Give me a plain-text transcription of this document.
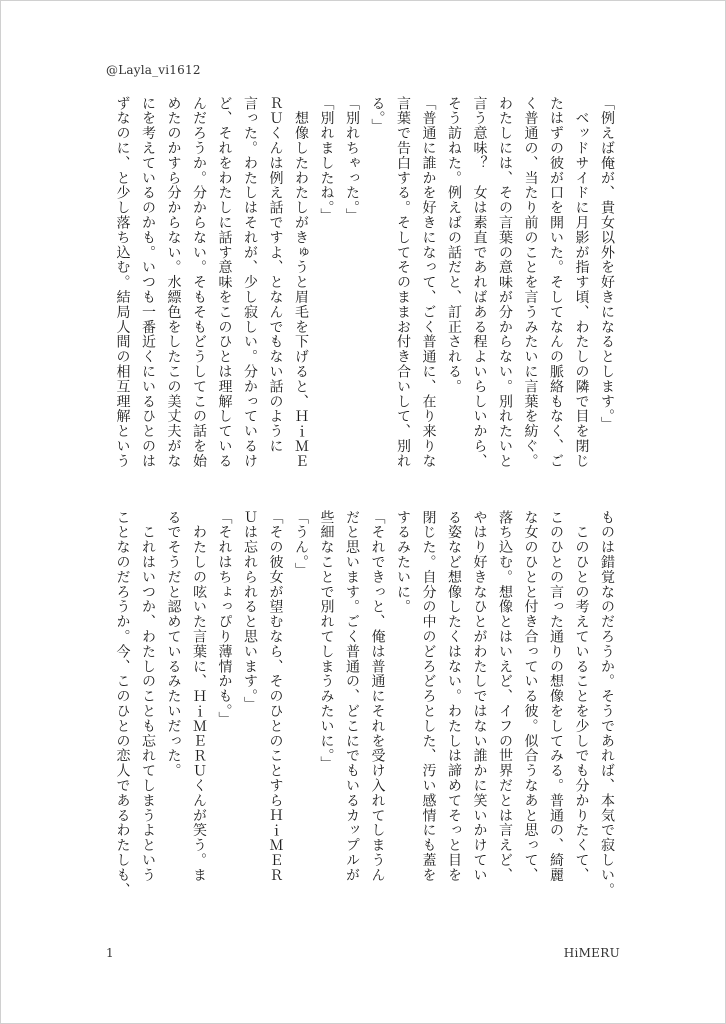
@Layla_vi1612
「例えば俺が、貴女以外を好きになるとします。」
　ベッドサイドに月影が指す頃、わたしの隣で目を閉じ
たはずの彼が口を開いた。そしてなんの脈絡もなく、ご
く普通の、当たり前のことを言うみたいに言葉を紡ぐ。
わたしには、その言葉の意味が分からない。別れたいと
言う意味？　女は素直であればある程よいらしいから、
そう訪ねた。例えばの話だと、訂正される。
「普通に誰かを好きになって、ごく普通に、在り来りな
言葉で告白する。そしてそのままお付き合いして、別れ
る。」
「別れちゃった。」
「別れましたね。」
　想像したわたしがきゅうと眉毛を下げると、ＨｉＭＥ
ＲＵくんは例え話ですよ、となんでもない話のように
言った。わたしはそれが、少し寂しい。分かっているけ
ど、それをわたしに話す意味をこのひとは理解している
んだろうか。分からない。そもそもどうしてこの話を始
めたのかすら分からない。水縹色をしたこの美丈夫がな
にを考えているのかも。いつも一番近くにいるひとのは
ずなのに、と少し落ち込む。結局人間の相互理解という
ものは錯覚なのだろうか。そうであれば、本気で寂しい。
　このひとの考えていることを少しでも分かりたくて、
このひとの言った通りの想像をしてみる。普通の、綺麗
な女のひとと付き合っている彼。似合うなあと思って、
落ち込む。想像とはいえど、イフの世界だとは言えど、
やはり好きなひとがわたしではない誰かに笑いかけてい
る姿など想像したくはない。わたしは諦めてそっと目を
閉じた。自分の中のどろどろとした、汚い感情にも蓋を
するみたいに。
「それできっと、俺は普通にそれを受け入れてしまうん
だと思います。ごく普通の、どこにでもいるカップルが
些細なことで別れてしまうみたいに。」
「うん。」
「その彼女が望むなら、そのひとのことすらＨｉＭＥＲ
Ｕは忘れられると思います。」
「それはちょっぴり薄情かも。」
　わたしの呟いた言葉に、ＨｉＭＥＲＵくんが笑う。ま
るでそうだと認めているみたいだった。
　これはいつか、わたしのことも忘れてしまうよという
ことなのだろうか。今、このひとの恋人であるわたしも、
1	HiMERU
